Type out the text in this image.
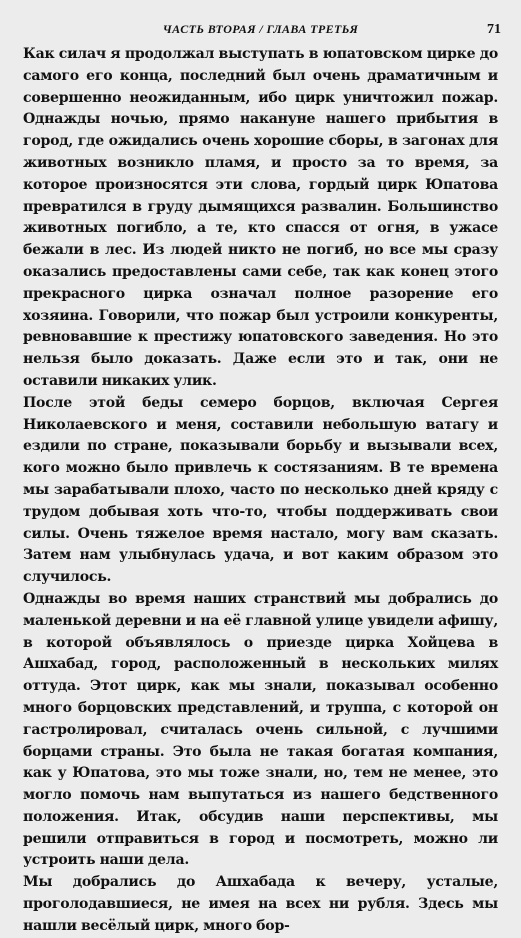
ЧАСТЬ ВТОРАЯ / ГЛАВА ТРЕТЬЯ	71

Как силач я продолжал выступать в юпатовском цирке до самого его конца, последний был очень драматичным и совершенно неожиданным, ибо цирк уничтожил пожар. Однажды ночью, прямо накануне нашего прибытия в город, где ожидались очень хорошие сборы, в загонах для животных возникло пламя, и просто за то время, за которое произносятся эти слова, гордый цирк Юпатова превратился в груду дымящихся развалин. Большинство животных погибло, а те, кто спасся от огня, в ужасе бежали в лес. Из людей никто не погиб, но все мы сразу оказались предоставлены сами себе, так как конец этого прекрасного цирка означал полное разорение его хозяина. Говорили, что пожар был устроили конкуренты, ревновавшие к престижу юпатовского заведения. Но это нельзя было доказать. Даже если это и так, они не оставили никаких улик.

После этой беды семеро борцов, включая Сергея Николаевского и меня, составили небольшую ватагу и ездили по стране, показывали борьбу и вызывали всех, кого можно было привлечь к состязаниям. В те времена мы зарабатывали плохо, часто по несколько дней кряду с трудом добывая хоть что-то, чтобы поддерживать свои силы. Очень тяжелое время настало, могу вам сказать. Затем нам улыбнулась удача, и вот каким образом это случилось.

Однажды во время наших странствий мы добрались до маленькой деревни и на её главной улице увидели афишу, в которой объявлялось о приезде цирка Хойцева в Ашхабад, город, расположенный в нескольких милях оттуда. Этот цирк, как мы знали, показывал особенно много борцовских представлений, и труппа, с которой он гастролировал, считалась очень сильной, с лучшими борцами страны. Это была не такая богатая компания, как у Юпатова, это мы тоже знали, но, тем не менее, это могло помочь нам выпутаться из нашего бедственного положения. Итак, обсудив наши перспективы, мы решили отправиться в город и посмотреть, можно ли устроить наши дела.

Мы добрались до Ашхабада к вечеру, усталые, проголодавшиеся, не имея на всех ни рубля. Здесь мы нашли весёлый цирк, много бор-
